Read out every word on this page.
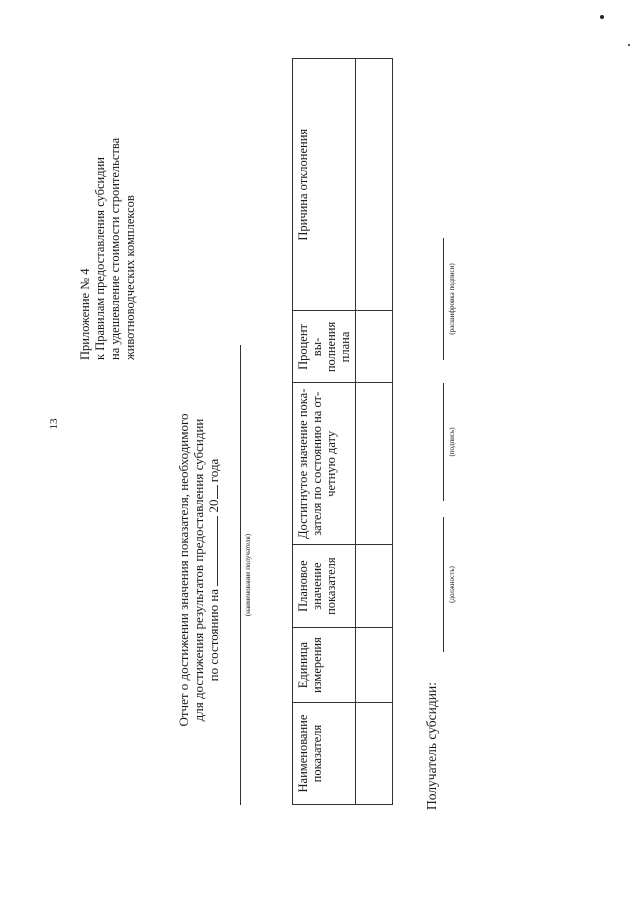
13
Приложение № 4 к Правилам предоставления субсидии на удешевление стоимости строительства животноводческих комплексов
Отчет о достижении значения показателя, необходимого для достижения результатов предоставления субсидии по состоянию на  20 года
(наименование получателя)
Наименование показателя	Единица измерения	Плановое значение показателя	Достигнутое значение пока-зателя по состоянию на от-четную дату	Процент вы-полнения плана	Причина отклонения

Получатель субсидии:
(должность)
(подпись)
(расшифровка подписи)
